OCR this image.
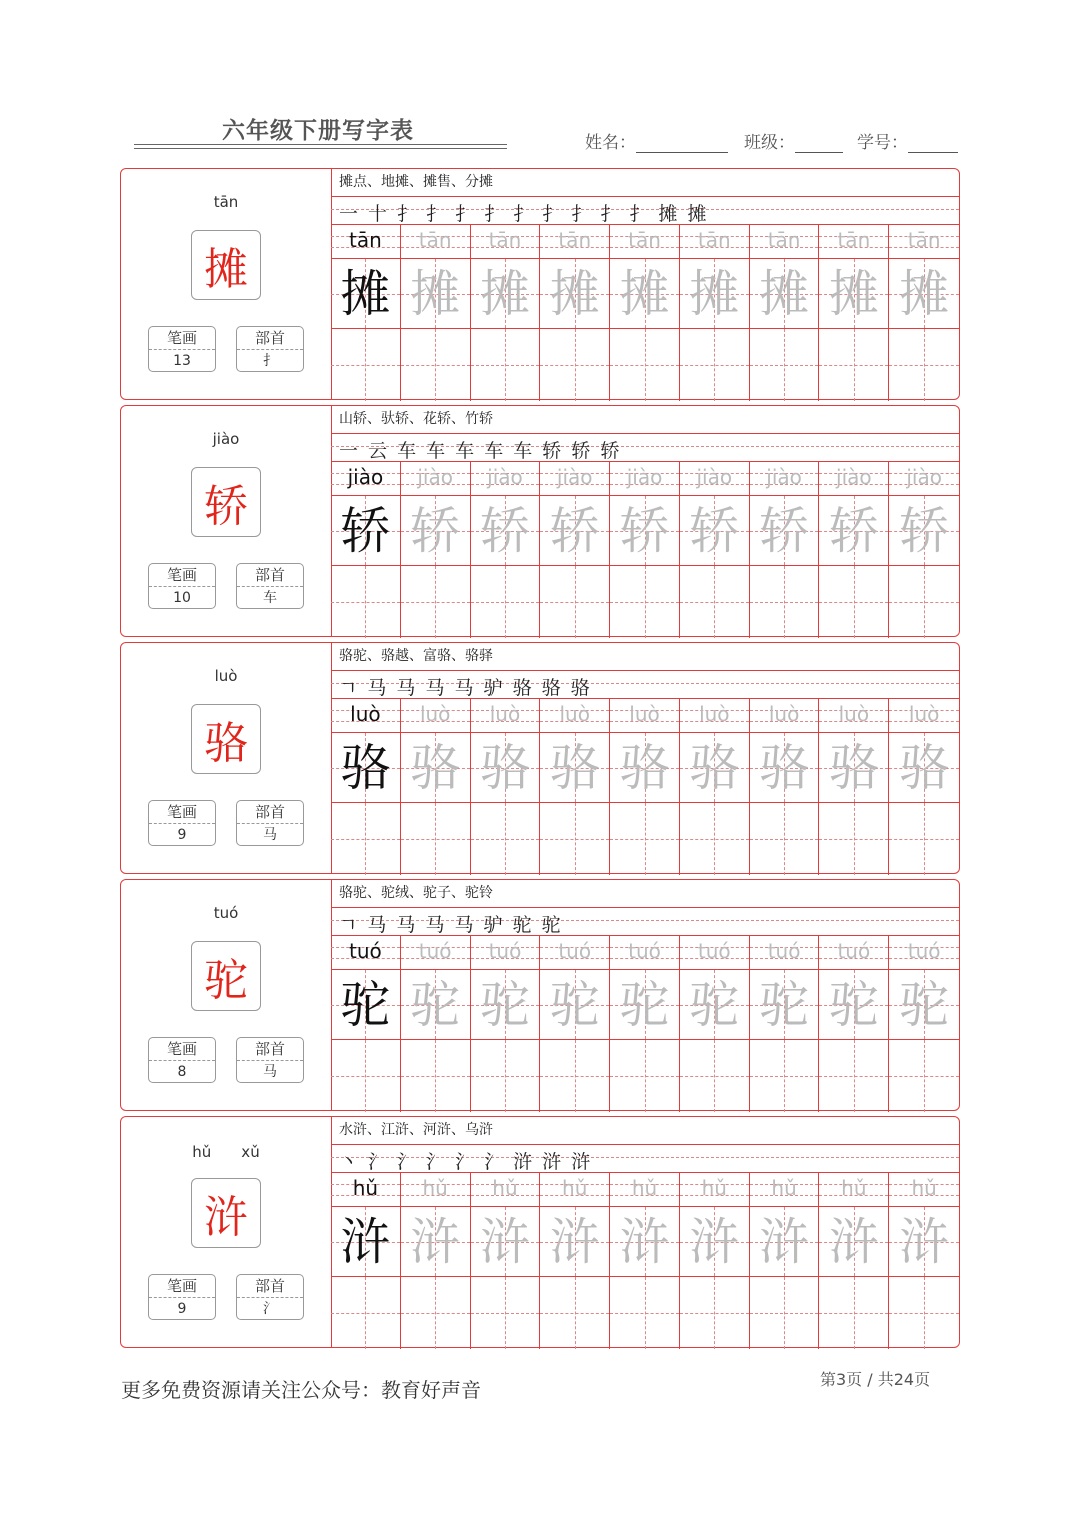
六年级下册写字表	姓名：	班级：	学号：
tān
摊
笔画
13
部首
扌
摊点、地摊、摊售、分摊
一 十 扌 扌 扌 扌 扌 扌 扌 扌 扌 摊 摊
tān
摊
tān
摊
tān
摊
tān
摊
tān
摊
tān
摊
tān
摊
tān
摊
tān
摊
jiào
轿
笔画
10
部首
车
山轿、驮轿、花轿、竹轿
一 云 车 车 车 车 车 轿 轿 轿
jiào
轿
jiào
轿
jiào
轿
jiào
轿
jiào
轿
jiào
轿
jiào
轿
jiào
轿
jiào
轿
luò
骆
笔画
9
部首
马
骆驼、骆越、富骆、骆驿
ㄱ 马 马 马 马 驴 骆 骆 骆
luò
骆
luò
骆
luò
骆
luò
骆
luò
骆
luò
骆
luò
骆
luò
骆
luò
骆
tuó
驼
笔画
8
部首
马
骆驼、驼绒、驼子、驼铃
ㄱ 马 马 马 马 驴 驼 驼
tuó
驼
tuó
驼
tuó
驼
tuó
驼
tuó
驼
tuó
驼
tuó
驼
tuó
驼
tuó
驼
hǔ　　xǔ
浒
笔画
9
部首
氵
水浒、江浒、河浒、乌浒
丶 氵 氵 氵 氵 氵 浒 浒 浒
hǔ
浒
hǔ
浒
hǔ
浒
hǔ
浒
hǔ
浒
hǔ
浒
hǔ
浒
hǔ
浒
hǔ
浒
更多免费资源请关注公众号：教育好声音	第3页 / 共24页
